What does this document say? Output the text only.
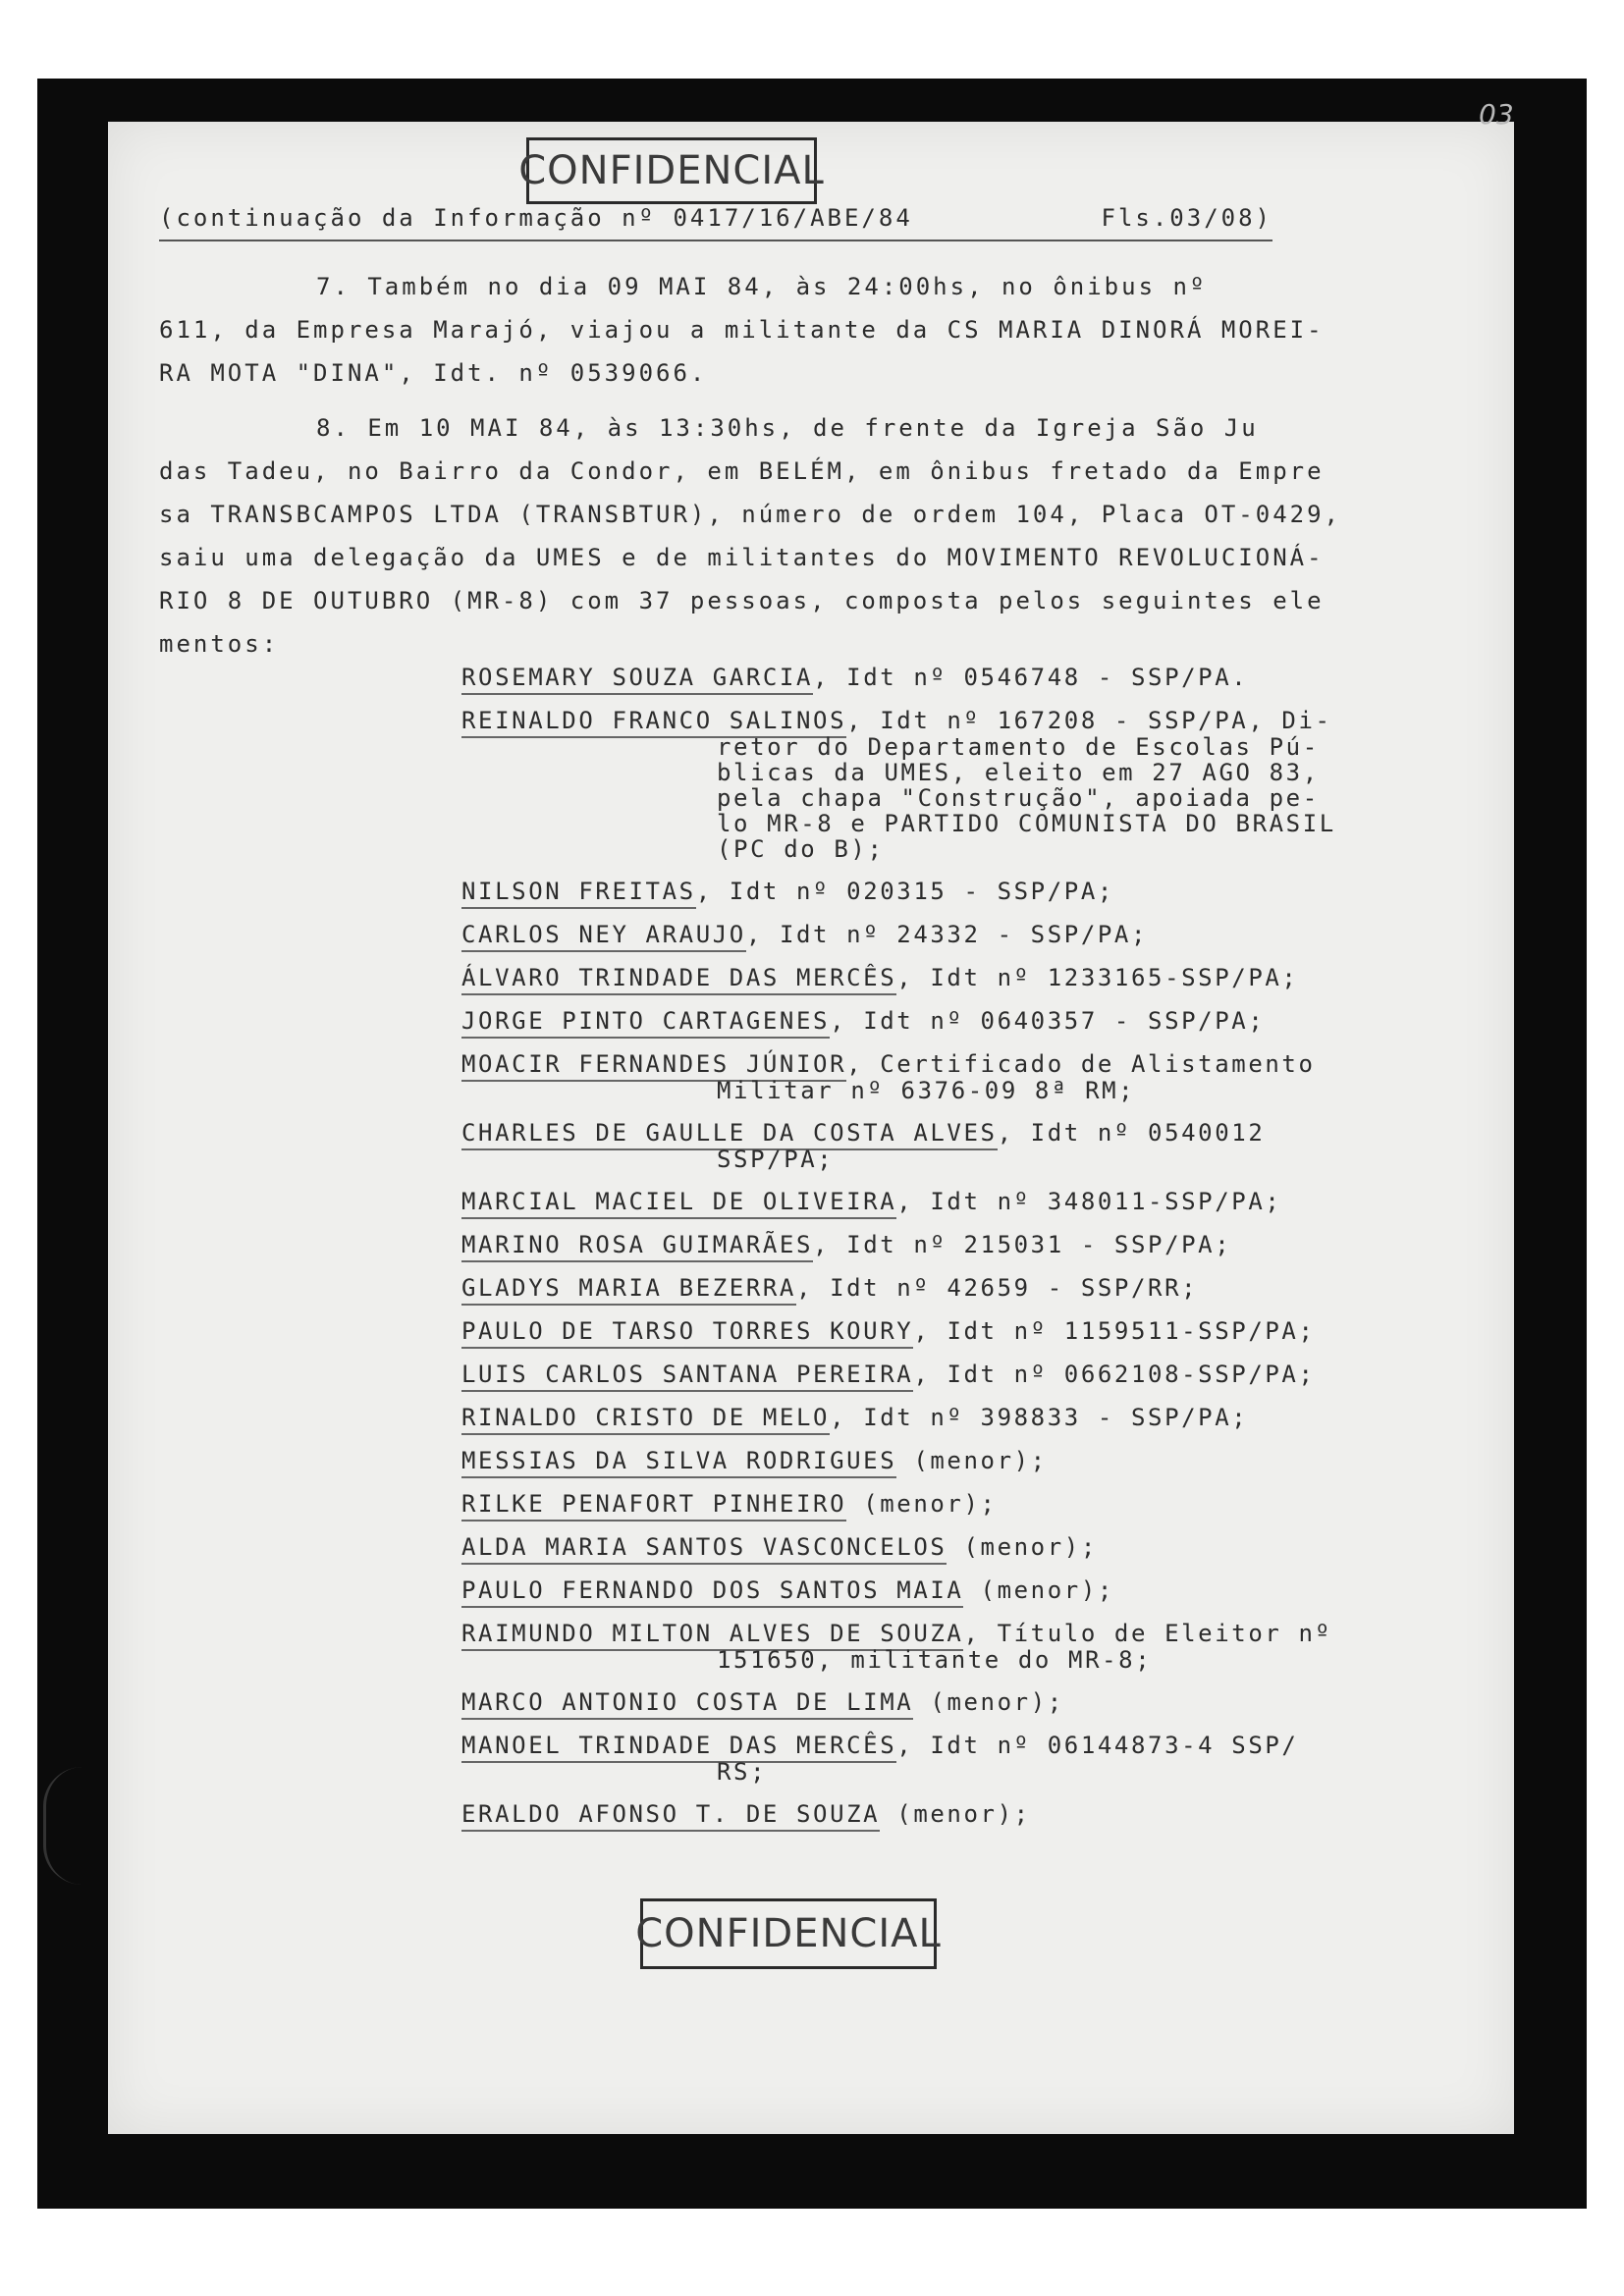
03
CONFIDENCIAL
(continuação da Informação nº 0417/16/ABE/84	Fls.03/08)
7. Também no dia 09 MAI 84, às 24:00hs, no ônibus nº
611, da Empresa Marajó, viajou a militante da CS MARIA DINORÁ MOREI-
RA MOTA "DINA", Idt. nº 0539066.
8. Em 10 MAI 84, às 13:30hs, de frente da Igreja São Ju
das Tadeu, no Bairro da Condor, em BELÉM, em ônibus fretado da Empre
sa TRANSBCAMPOS LTDA (TRANSBTUR), número de ordem 104, Placa OT-0429,
saiu uma delegação da UMES e de militantes do MOVIMENTO REVOLUCIONÁ-
RIO 8 DE OUTUBRO (MR-8) com 37 pessoas, composta pelos seguintes ele
mentos:
ROSEMARY SOUZA GARCIA, Idt nº 0546748 - SSP/PA.
REINALDO FRANCO SALINOS, Idt nº 167208 - SSP/PA, Di-
retor do Departamento de Escolas Pú-
blicas da UMES, eleito em 27 AGO 83,
pela chapa "Construção", apoiada pe-
lo MR-8 e PARTIDO COMUNISTA DO BRASIL
(PC do B);
NILSON FREITAS, Idt nº 020315 - SSP/PA;
CARLOS NEY ARAUJO, Idt nº 24332 - SSP/PA;
ÁLVARO TRINDADE DAS MERCÊS, Idt nº 1233165-SSP/PA;
JORGE PINTO CARTAGENES, Idt nº 0640357 - SSP/PA;
MOACIR FERNANDES JÚNIOR, Certificado de Alistamento
Militar nº 6376-09 8ª RM;
CHARLES DE GAULLE DA COSTA ALVES, Idt nº 0540012
SSP/PA;
MARCIAL MACIEL DE OLIVEIRA, Idt nº 348011-SSP/PA;
MARINO ROSA GUIMARÃES, Idt nº 215031 - SSP/PA;
GLADYS MARIA BEZERRA, Idt nº 42659 - SSP/RR;
PAULO DE TARSO TORRES KOURY, Idt nº 1159511-SSP/PA;
LUIS CARLOS SANTANA PEREIRA, Idt nº 0662108-SSP/PA;
RINALDO CRISTO DE MELO, Idt nº 398833 - SSP/PA;
MESSIAS DA SILVA RODRIGUES (menor);
RILKE PENAFORT PINHEIRO (menor);
ALDA MARIA SANTOS VASCONCELOS (menor);
PAULO FERNANDO DOS SANTOS MAIA (menor);
RAIMUNDO MILTON ALVES DE SOUZA, Título de Eleitor nº
151650, militante do MR-8;
MARCO ANTONIO COSTA DE LIMA (menor);
MANOEL TRINDADE DAS MERCÊS, Idt nº 06144873-4 SSP/
RS;
ERALDO AFONSO T. DE SOUZA (menor);
CONFIDENCIAL
